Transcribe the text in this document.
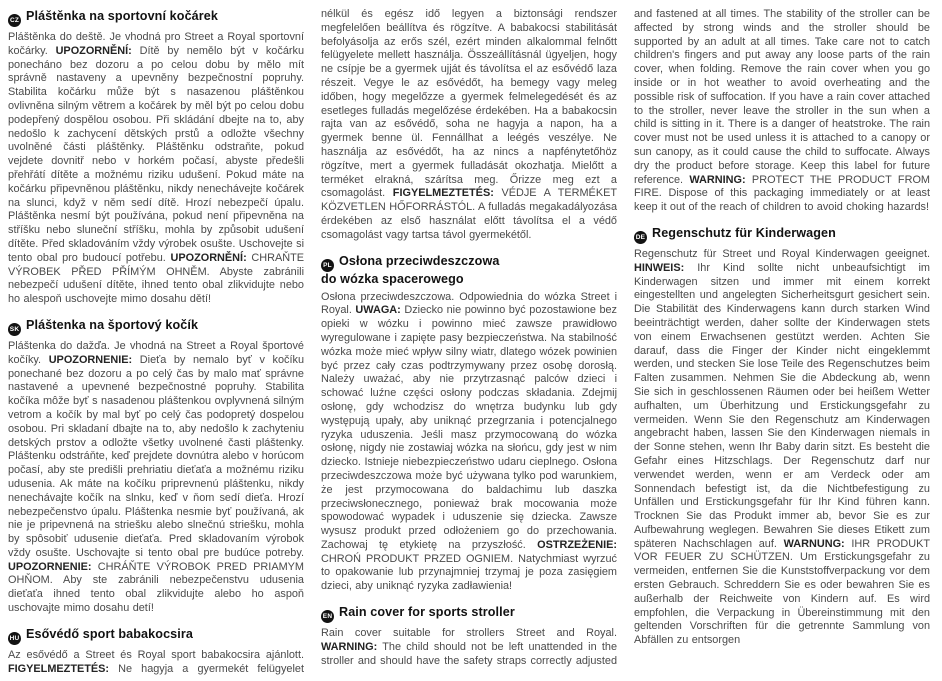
CZ Pláštěnka na sportovní kočárek

Pláštěnka do deště. Je vhodná pro Street a Royal sportovní kočárky. UPOZORNĚNÍ: Dítě by nemělo být v kočárku ponecháno bez dozoru a po celou dobu by mělo mít správně nastaveny a upevněny bezpečnostní popruhy. Stabilita kočárku může být s nasazenou pláštěnkou ovlivněna silným větrem a kočárek by měl být po celou dobu podepřený dospělou osobou. Při skládání dbejte na to, aby nedošlo k zachycení dětských prstů a odložte všechny uvolněné části pláštěnky. Pláštěnku odstraňte, pokud vejdete dovnitř nebo v horkém počasí, abyste předešli přehřátí dítěte a možnému riziku udušení. Pokud máte na kočárku připevněnou pláštěnku, nikdy nenechávejte kočárek na slunci, když v něm sedí dítě. Hrozí nebezpečí úpalu. Pláštěnka nesmí být používána, pokud není připevněna na stříšku nebo sluneční stříšku, mohla by způsobit udušení dítěte. Před skladováním vždy výrobek osušte. Uschovejte si tento obal pro budoucí potřebu. UPOZORNĚNÍ: CHRAŇTE VÝROBEK PŘED PŘÍMÝM OHNĚM. Abyste zabránili nebezpečí udušení dítěte, ihned tento obal zlikvidujte nebo ho alespoň uschovejte mimo dosahu dětí!

SK Pláštenka na športový kočík

Pláštenka do dažďa. Je vhodná na Street a Royal športové kočíky. UPOZORNENIE: Dieťa by nemalo byť v kočíku ponechané bez dozoru a po celý čas by malo mať správne nastavené a upevnené bezpečnostné popruhy. Stabilita kočíka môže byť s nasadenou pláštenkou ovplyvnená silným vetrom a kočík by mal byť po celý čas podopretý dospelou osobou. Pri skladaní dbajte na to, aby nedošlo k zachyteniu detských prstov a odložte všetky uvolnené časti pláštenky. Pláštenku odstráňte, keď prejdete dovnútra alebo v horúcom počasí, aby ste predišli prehriatiu dieťaťa a možnému riziku udusenia. Ak máte na kočíku priprevnenú pláštenku, nikdy nenechávajte kočík na slnku, keď v ňom sedí dieťa. Hrozí nebezpečenstvo úpalu. Pláštenka nesmie byť používaná, ak nie je pripevnená na striešku alebo slnečnú striešku, mohla by spôsobiť udusenie dieťaťa. Pred skladovaním výrobok vždy osušte. Uschovajte si tento obal pre budúce potreby. UPOZORNENIE: CHRÁŇTE VÝROBOK PRED PRIAMYM OHŇOM. Aby ste zabránili nebezpečenstvu udusenia dieťaťa ihned tento obal zlikvidujte alebo ho aspoň uschovajte mimo dosahu detí!

HU Esővédő sport babakocsira

Az esővédő a Street és Royal sport babakocsira ajánlott. FIGYELMEZTETÉS: Ne hagyja a gyermekét felügyelet nélkül és egész idő legyen a biztonsági rendszer megfelelően beállítva és rögzítve. A babakocsi stabilitását befolyásolja az erős szél, ezért minden alkalommal felnőtt felügyelete mellett használja. Összeállításnál ügyeljen, hogy ne csípje be a gyermek ujját és távolítsa el az esővédő laza részeit. Vegye le az esővédőt, ha bemegy vagy meleg időben, hogy megelőzze a gyermek felmelegedését és az esetleges fulladás megelőzése érdekében. Ha a babakocsin rajta van az esővédő, soha ne hagyja a napon, ha a gyermek benne ül. Fennállhat a leégés veszélye. Ne használja az esővédőt, ha az nincs a napfénytetőhöz rögzítve, mert a gyermek fulladását okozhatja. Mielőtt a terméket elrakná, szárítsa meg. Őrizze meg ezt a csomagolást. FIGYELMEZTETÉS: VÉDJE A TERMÉKET KÖZVETLEN HŐFORRÁSTÓL. A fulladás megakadályozása érdekében az első használat előtt távolítsa el a védő csomagolást vagy tartsa távol gyermekétől.

PL Osłona przeciwdeszczowa
do wózka spacerowego

Osłona przeciwdeszczowa. Odpowiednia do wózka Street i Royal. UWAGA: Dziecko nie powinno być pozostawione bez opieki w wózku i powinno mieć zawsze prawidłowo wyregulowane i zapięte pasy bezpieczeństwa. Na stabilność wózka może mieć wpływ silny wiatr, dlatego wózek powinien być przez cały czas podtrzymywany przez osobę dorosłą. Należy uważać, aby nie przytrzasnąć palców dzieci i schować luźne części osłony podczas składania. Zdejmij osłonę, gdy wchodzisz do wnętrza budynku lub gdy występują upały, aby uniknąć przegrzania i potencjalnego ryzyka uduszenia. Jeśli masz przymocowaną do wózka osłonę, nigdy nie zostawiaj wózka na słońcu, gdy jest w nim dziecko. Istnieje niebezpieczeństwo udaru cieplnego. Osłona przeciwdeszczowa może być używana tylko pod warunkiem, że jest przymocowana do baldachimu lub daszka przeciwsłonecznego, ponieważ brak mocowania może spowodować wypadek i uduszenie się dziecka. Zawsze wysusz produkt przed odłożeniem go do przechowania. Zachowaj tę etykietę na przyszłość. OSTRZEŻENIE: CHROŃ PRODUKT PRZED OGNIEM. Natychmiast wyrzuć to opakowanie lub przynajmniej trzymaj je poza zasięgiem dzieci, aby uniknąć ryzyka zadławienia!

EN Rain cover for sports stroller

Rain cover suitable for strollers Street and Royal. WARNING: The child should not be left unattended in the stroller and should have the safety straps correctly adjusted and fastened at all times. The stability of the stroller can be affected by strong winds and the stroller should be supported by an adult at all times. Take care not to catch children's fingers and put away any loose parts of the rain cover, when folding. Remove the rain cover when you go inside or in hot weather to avoid overheating and the possible risk of suffocation. If you have a rain cover attached to the stroller, never leave the stroller in the sun when a child is sitting in it. There is a danger of heatstroke. The rain cover must not be used unless it is attached to a canopy or sun canopy, as it could cause the child to suffocate. Always dry the product before storage. Keep this label for future reference. WARNING: PROTECT THE PRODUCT FROM FIRE. Dispose of this packaging immediately or at least keep it out of the reach of children to avoid choking hazards!

DE Regenschutz für Kinderwagen

Regenschutz für Street und Royal Kinderwagen geeignet. HINWEIS: Ihr Kind sollte nicht unbeaufsichtigt im Kinderwagen sitzen und immer mit einem korrekt eingestellten und angelegten Sicherheitsgurt gesichert sein. Die Stabilität des Kinderwagens kann durch starken Wind beeinträchtigt werden, daher sollte der Kinderwagen stets von einem Erwachsenen gestützt werden. Achten Sie darauf, dass die Finger der Kinder nicht eingeklemmt werden, und stecken Sie lose Teile des Regenschutzes beim Falten zusammen. Nehmen Sie die Abdeckung ab, wenn Sie sich in geschlossenen Räumen oder bei heißem Wetter aufhalten, um Überhitzung und Erstickungsgefahr zu vermeiden. Wenn Sie den Regenschutz am Kinderwagen angebracht haben, lassen Sie den Kinderwagen niemals in der Sonne stehen, wenn Ihr Baby darin sitzt. Es besteht die Gefahr eines Hitzschlags. Der Regenschutz darf nur verwendet werden, wenn er am Verdeck oder am Sonnendach befestigt ist, da die Nichtbefestigung zu Unfällen und Erstickungsgefahr für Ihr Kind führen kann. Trocknen Sie das Produkt immer ab, bevor Sie es zur Aufbewahrung weglegen. Bewahren Sie dieses Etikett zum späteren Nachschlagen auf. WARNUNG: IHR PRODUKT VOR FEUER ZU SCHÜTZEN. Um Erstickungsgefahr zu vermeiden, entfernen Sie die Kunststoffverpackung vor dem ersten Gebrauch. Schreddern Sie es oder bewahren Sie es außerhalb der Reichweite von Kindern auf. Es wird empfohlen, die Verpackung in Übereinstimmung mit den geltenden Vorschriften für die getrennte Sammlung von Abfällen zu entsorgen
